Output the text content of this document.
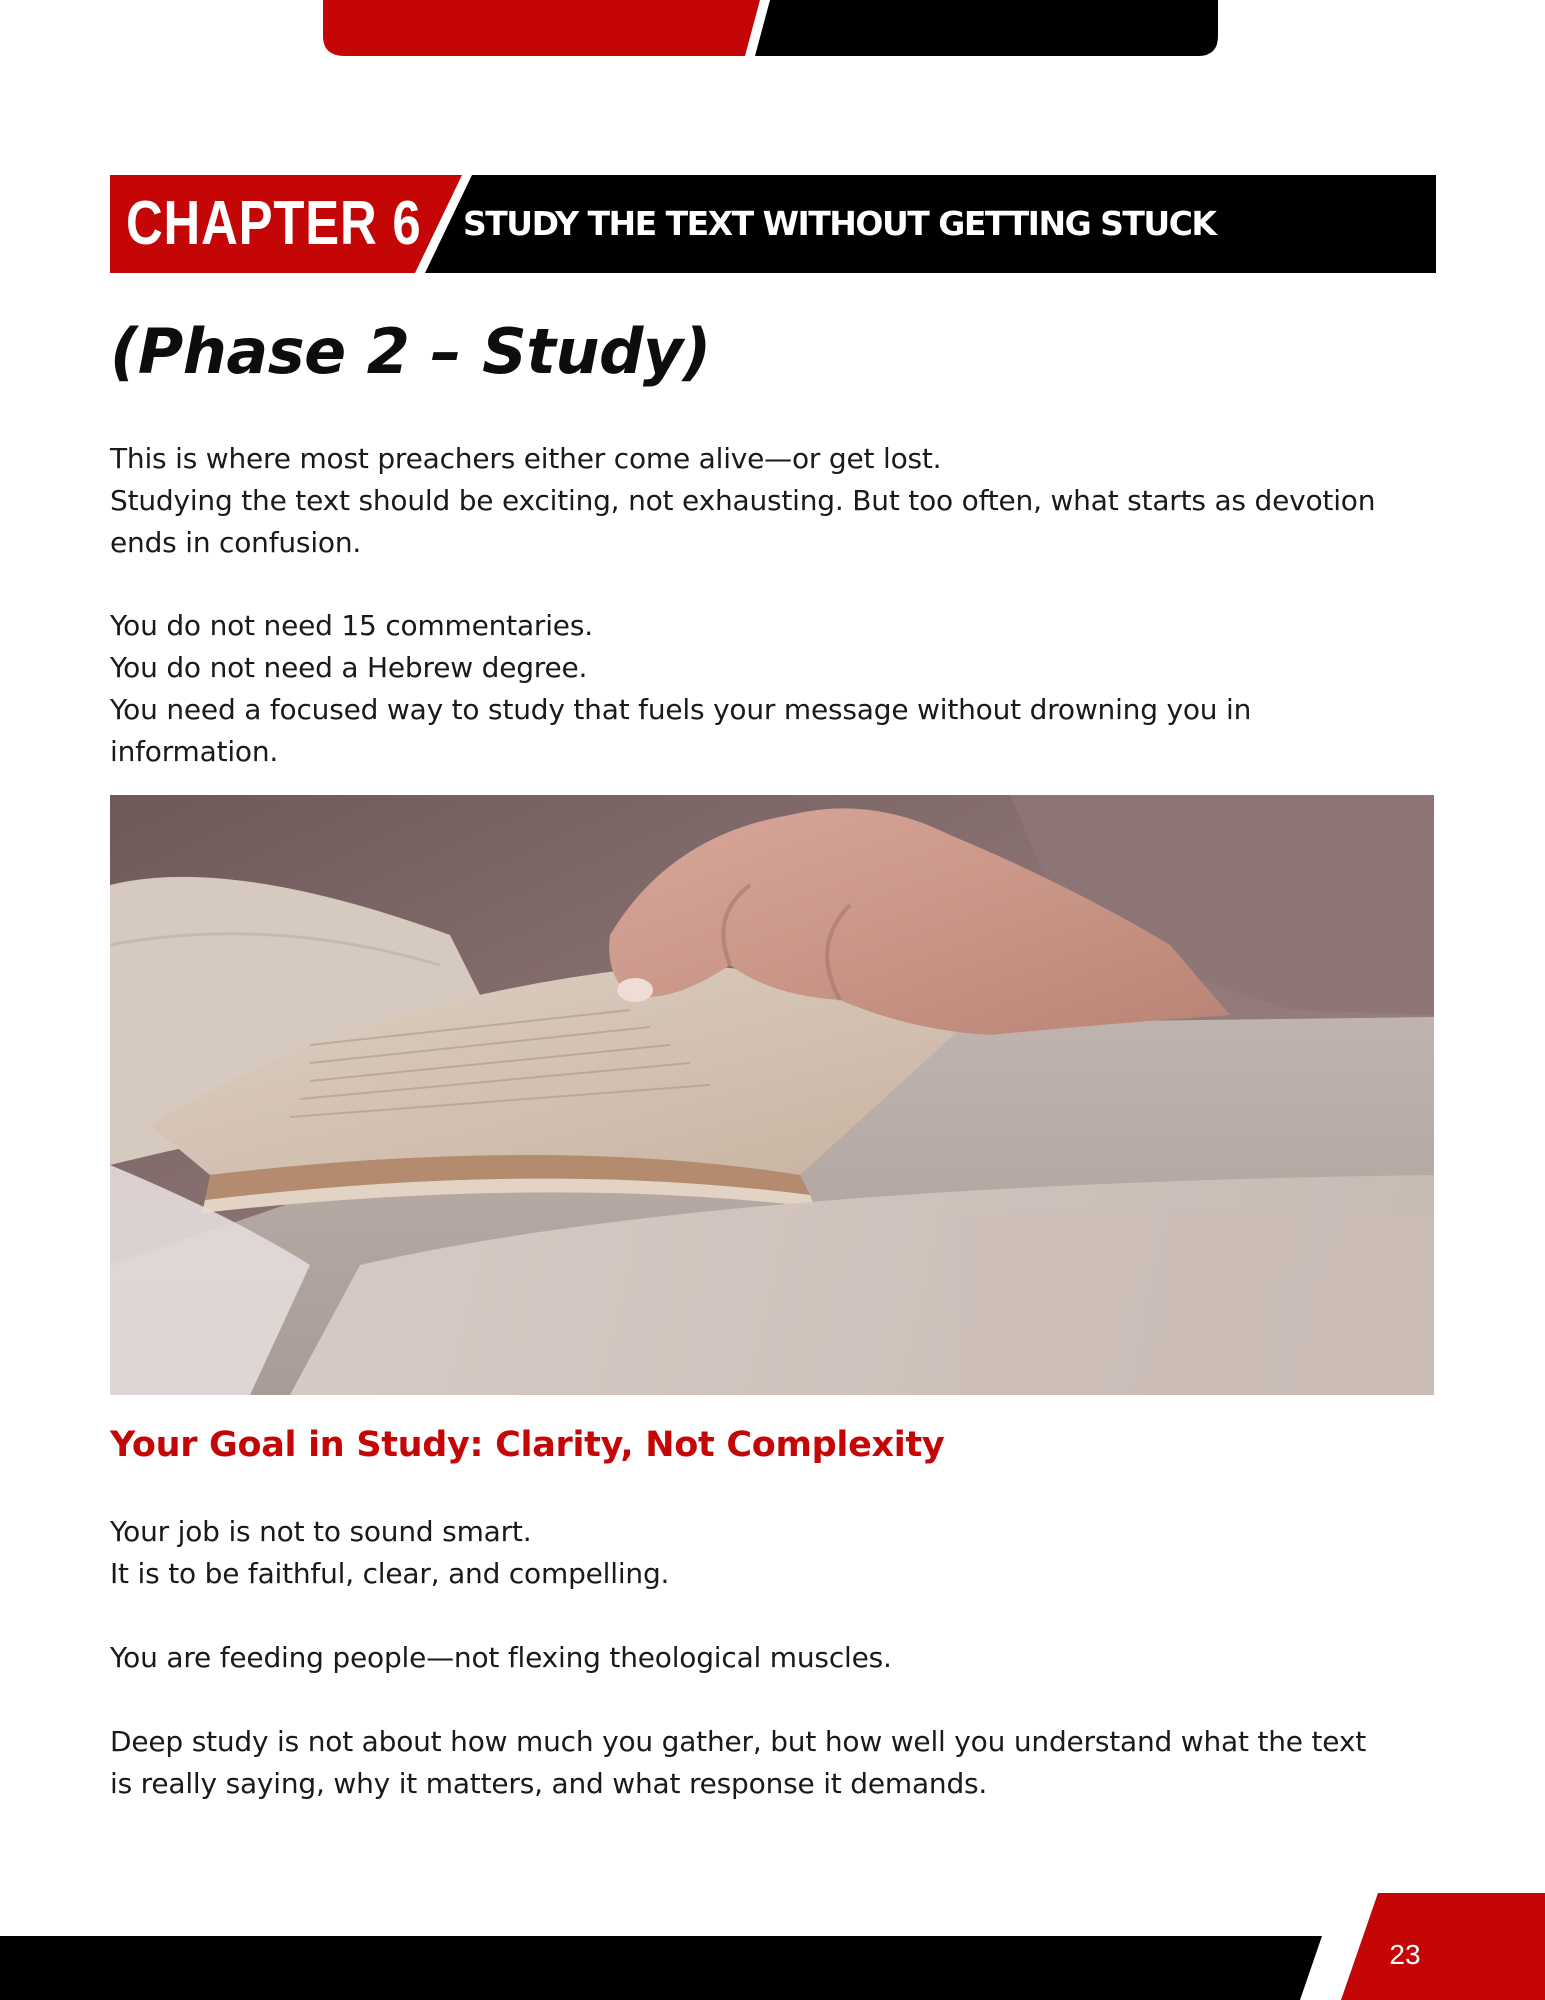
CHAPTER 6 STUDY THE TEXT WITHOUT GETTING STUCK
(Phase 2 – Study)

This is where most preachers either come alive—or get lost.
Studying the text should be exciting, not exhausting. But too often, what starts as devotion
ends in confusion.

You do not need 15 commentaries.
You do not need a Hebrew degree.
You need a focused way to study that fuels your message without drowning you in
information.

Your Goal in Study: Clarity, Not Complexity

Your job is not to sound smart.
It is to be faithful, clear, and compelling.

You are feeding people—not flexing theological muscles.

Deep study is not about how much you gather, but how well you understand what the text
is really saying, why it matters, and what response it demands.

23
